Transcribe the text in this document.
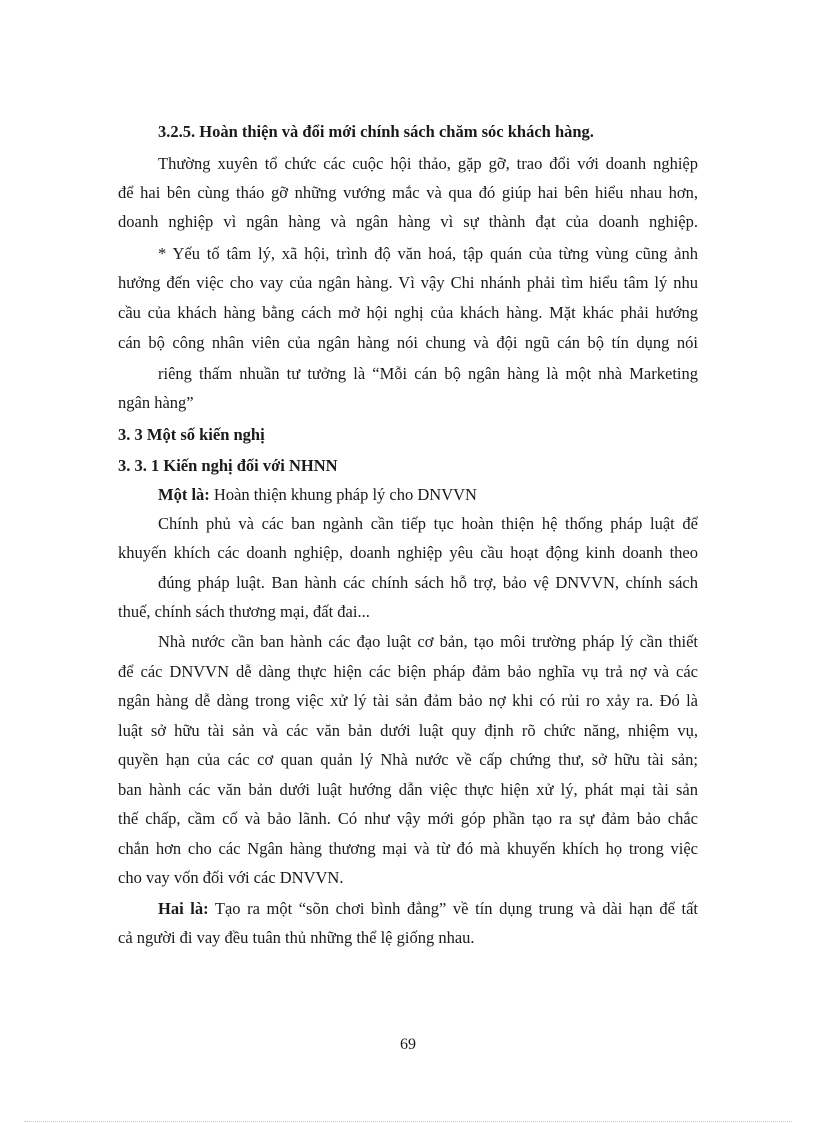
3.2.5. Hoàn thiện và đổi mới chính sách chăm sóc khách hàng.
Thường xuyên tổ chức các cuộc hội thảo, gặp gỡ, trao đổi với doanh nghiệp
để hai bên cùng tháo gỡ những vướng mắc và qua đó giúp hai bên hiểu nhau hơn,
doanh nghiệp vì ngân hàng và ngân hàng vì sự thành đạt của doanh nghiệp.
* Yếu tố tâm lý, xã hội, trình độ văn hoá, tập quán của từng vùng cũng ảnh
hưởng đến việc cho vay của ngân hàng. Vì vậy Chi nhánh phải tìm hiểu tâm lý nhu
cầu của khách hàng bằng cách mở hội nghị của khách hàng. Mặt khác phải hướng
cán bộ công nhân viên của ngân hàng nói chung và đội ngũ cán bộ tín dụng nói
riêng thấm nhuần tư tưởng là “Mỗi cán bộ ngân hàng là một nhà Marketing
ngân hàng”
3. 3 Một số kiến nghị
3. 3. 1 Kiến nghị đối với NHNN
Một là: Hoàn thiện khung pháp lý cho DNVVN
Chính phủ và các ban ngành cần tiếp tục hoàn thiện hệ thống pháp luật để
khuyến khích các doanh nghiệp, doanh nghiệp yêu cầu hoạt động kinh doanh theo
đúng pháp luật. Ban hành các chính sách hỗ trợ, bảo vệ DNVVN, chính sách
thuế, chính sách thương mại, đất đai...
Nhà nước cần ban hành các đạo luật cơ bản, tạo môi trường pháp lý cần thiết
để các DNVVN dễ dàng thực hiện các biện pháp đảm bảo nghĩa vụ trả nợ và các
ngân hàng dễ dàng trong việc xử lý tài sản đảm bảo nợ khi có rủi ro xảy ra. Đó là
luật sở hữu tài sản và các văn bản dưới luật quy định rõ chức năng, nhiệm vụ,
quyền hạn của các cơ quan quản lý Nhà nước về cấp chứng thư, sở hữu tài sản;
ban hành các văn bản dưới luật hướng dẫn việc thực hiện xử lý, phát mại tài sản
thế chấp, cầm cố và bảo lãnh. Có như vậy mới góp phần tạo ra sự đảm bảo chắc
chắn hơn cho các Ngân hàng thương mại và từ đó mà khuyến khích họ trong việc
cho vay vốn đối với các DNVVN.
Hai là: Tạo ra một “sõn chơi bình đẳng” về tín dụng trung và dài hạn để tất
cả người đi vay đều tuân thủ những thể lệ giống nhau.
69
